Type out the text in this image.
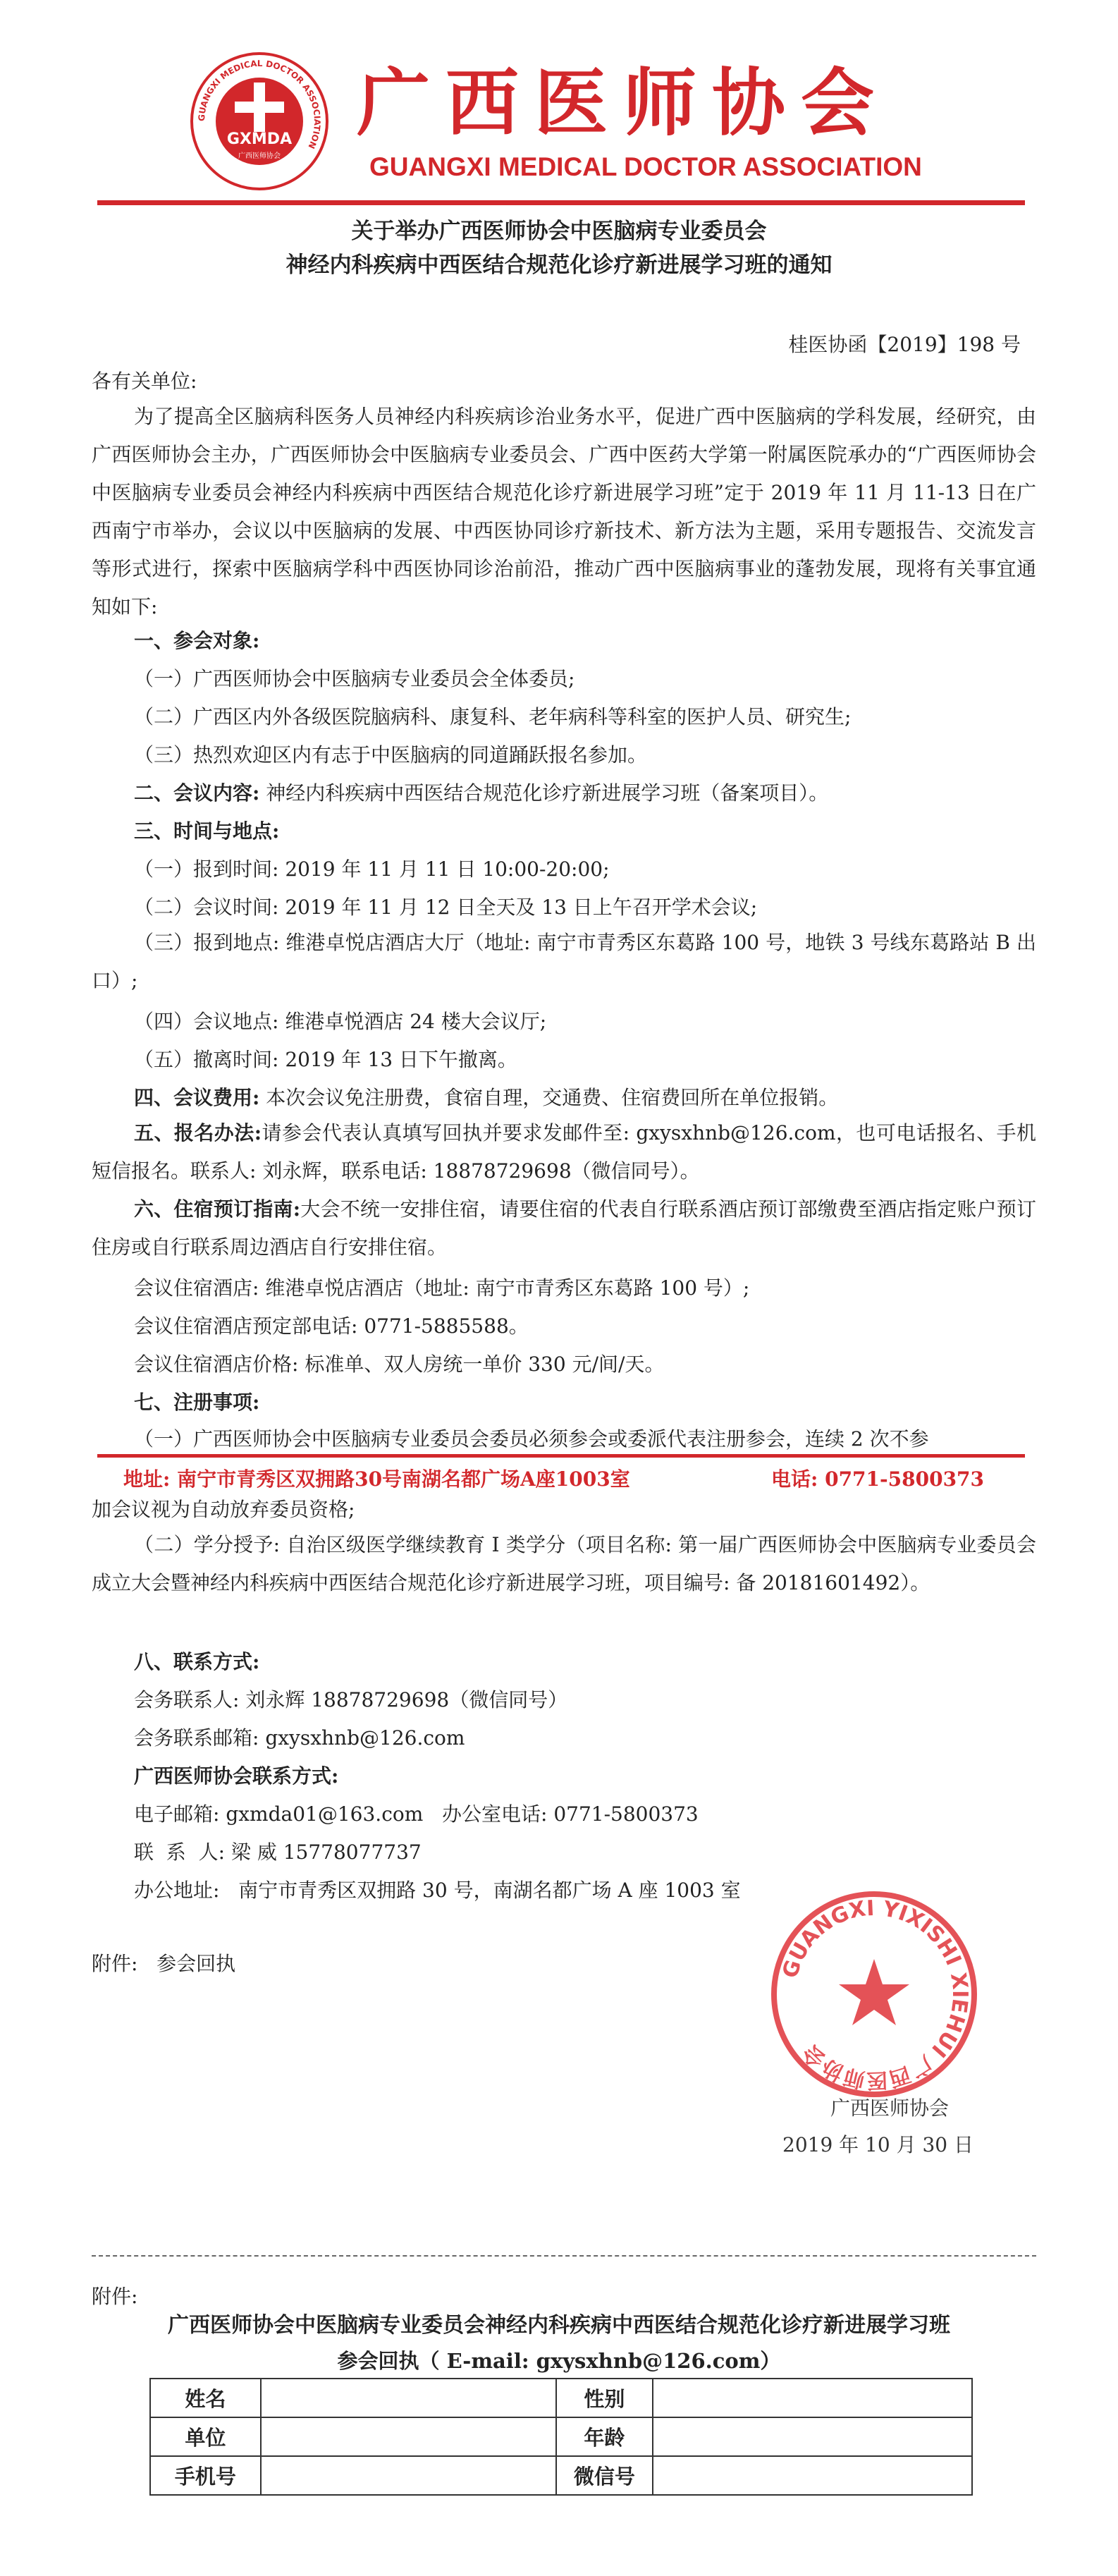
GUANGXI MEDICAL DOCTOR ASSOCIATION
GXMDA
广西医师协会
广西医师协会
GUANGXI MEDICAL DOCTOR ASSOCIATION
关于举办广西医师协会中医脑病专业委员会
神经内科疾病中西医结合规范化诊疗新进展学习班的通知
桂医协函【2019】198 号
各有关单位:

为了提高全区脑病科医务人员神经内科疾病诊治业务水平，促进广西中医脑病的学科发展，经研究，由广西医师协会主办，广西医师协会中医脑病专业委员会、广西中医药大学第一附属医院承办的“广西医师协会中医脑病专业委员会神经内科疾病中西医结合规范化诊疗新进展学习班”定于 2019 年 11 月 11-13 日在广西南宁市举办，会议以中医脑病的发展、中西医协同诊疗新技术、新方法为主题，采用专题报告、交流发言等形式进行，探索中医脑病学科中西医协同诊治前沿，推动广西中医脑病事业的蓬勃发展，现将有关事宜通知如下:

一、参会对象:
（一）广西医师协会中医脑病专业委员会全体委员;
（二）广西区内外各级医院脑病科、康复科、老年病科等科室的医护人员、研究生;
（三）热烈欢迎区内有志于中医脑病的同道踊跃报名参加。
二、会议内容: 神经内科疾病中西医结合规范化诊疗新进展学习班（备案项目）。
三、时间与地点:
（一）报到时间: 2019 年 11 月 11 日 10:00-20:00;
（二）会议时间: 2019 年 11 月 12 日全天及 13 日上午召开学术会议;

（三）报到地点: 维港卓悦店酒店大厅（地址: 南宁市青秀区东葛路 100 号，地铁 3 号线东葛路站 B 出口）;

（四）会议地点: 维港卓悦酒店 24 楼大会议厅;
（五）撤离时间: 2019 年 13 日下午撤离。
四、会议费用: 本次会议免注册费，食宿自理，交通费、住宿费回所在单位报销。

五、报名办法:请参会代表认真填写回执并要求发邮件至: gxysxhnb@126.com，也可电话报名、手机短信报名。联系人: 刘永辉，联系电话: 18878729698（微信同号）。

六、住宿预订指南:大会不统一安排住宿，请要住宿的代表自行联系酒店预订部缴费至酒店指定账户预订住房或自行联系周边酒店自行安排住宿。

会议住宿酒店: 维港卓悦店酒店（地址: 南宁市青秀区东葛路 100 号）;
会议住宿酒店预定部电话: 0771-5885588。
会议住宿酒店价格: 标准单、双人房统一单价 330 元/间/天。
七、注册事项:
（一）广西医师协会中医脑病专业委员会委员必须参会或委派代表注册参会，连续 2 次不参
地址: 南宁市青秀区双拥路30号南湖名都广场A座1003室	电话: 0771-5800373
加会议视为自动放弃委员资格;

（二）学分授予: 自治区级医学继续教育 I 类学分（项目名称: 第一届广西医师协会中医脑病专业委员会成立大会暨神经内科疾病中西医结合规范化诊疗新进展学习班，项目编号: 备 20181601492）。

八、联系方式:
会务联系人: 刘永辉 18878729698（微信同号）
会务联系邮箱: gxysxhnb@126.com
广西医师协会联系方式:
电子邮箱: gxmda01@163.com   办公室电话: 0771-5800373
联  系  人: 梁 威 15778077737
办公地址:   南宁市青秀区双拥路 30 号，南湖名都广场 A 座 1003 室
附件:   参会回执	GUANGXI YIXISHI XIEHUI 广西医师协会
广西医师协会
2019 年 10 月 30 日
附件:
广西医师协会中医脑病专业委员会神经内科疾病中西医结合规范化诊疗新进展学习班
参会回执（ E-mail: gxysxhnb@126.com）
姓名		性别	
单位		年龄	
手机号		微信号	
